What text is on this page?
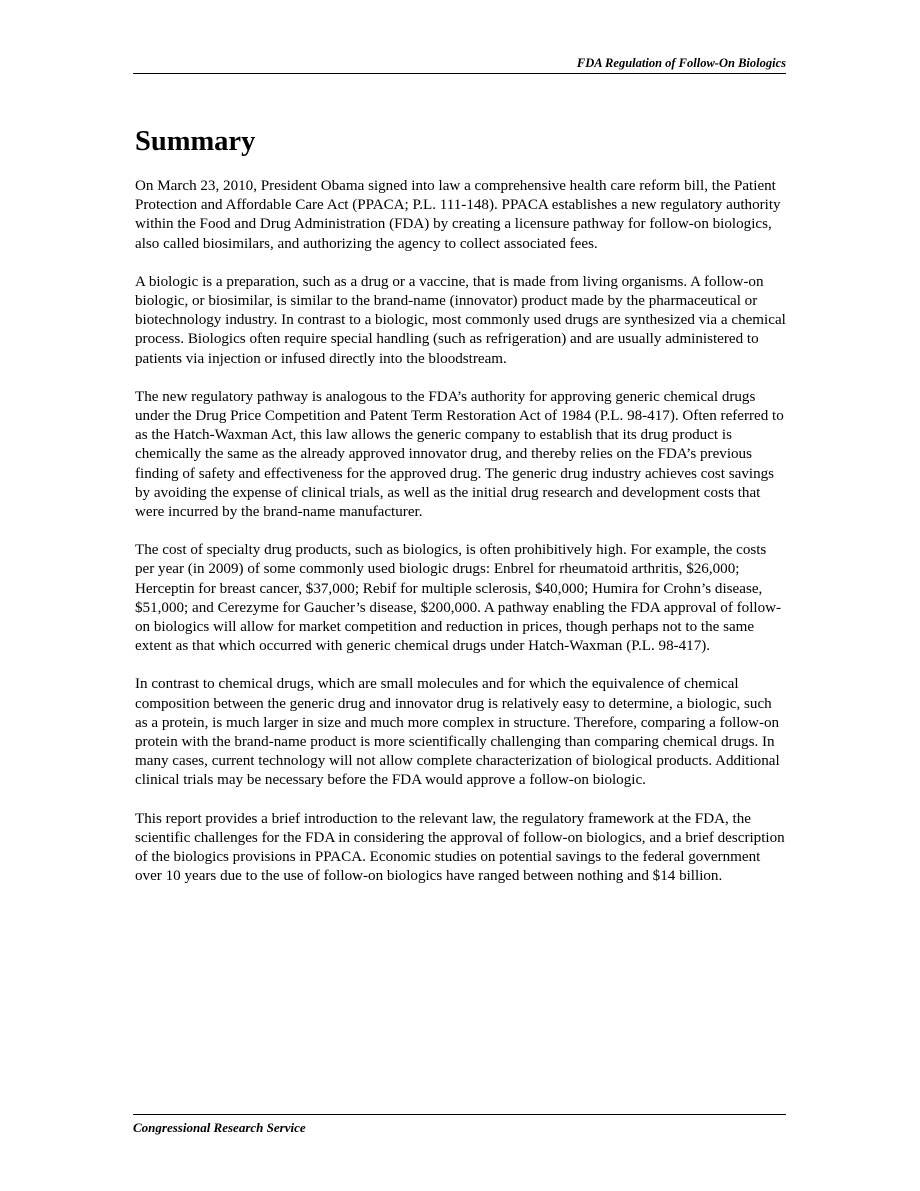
FDA Regulation of Follow-On Biologics
Summary

On March 23, 2010, President Obama signed into law a comprehensive health care reform bill, the Patient Protection and Affordable Care Act (PPACA; P.L. 111-148). PPACA establishes a new regulatory authority within the Food and Drug Administration (FDA) by creating a licensure pathway for follow-on biologics, also called biosimilars, and authorizing the agency to collect associated fees.

A biologic is a preparation, such as a drug or a vaccine, that is made from living organisms. A follow-on biologic, or biosimilar, is similar to the brand-name (innovator) product made by the pharmaceutical or biotechnology industry. In contrast to a biologic, most commonly used drugs are synthesized via a chemical process. Biologics often require special handling (such as refrigeration) and are usually administered to patients via injection or infused directly into the bloodstream.

The new regulatory pathway is analogous to the FDA’s authority for approving generic chemical drugs under the Drug Price Competition and Patent Term Restoration Act of 1984 (P.L. 98-417). Often referred to as the Hatch-Waxman Act, this law allows the generic company to establish that its drug product is chemically the same as the already approved innovator drug, and thereby relies on the FDA’s previous finding of safety and effectiveness for the approved drug. The generic drug industry achieves cost savings by avoiding the expense of clinical trials, as well as the initial drug research and development costs that were incurred by the brand-name manufacturer.

The cost of specialty drug products, such as biologics, is often prohibitively high. For example, the costs per year (in 2009) of some commonly used biologic drugs: Enbrel for rheumatoid arthritis, $26,000; Herceptin for breast cancer, $37,000; Rebif for multiple sclerosis, $40,000; Humira for Crohn’s disease, $51,000; and Cerezyme for Gaucher’s disease, $200,000. A pathway enabling the FDA approval of follow-on biologics will allow for market competition and reduction in prices, though perhaps not to the same extent as that which occurred with generic chemical drugs under Hatch-Waxman (P.L. 98-417).

In contrast to chemical drugs, which are small molecules and for which the equivalence of chemical composition between the generic drug and innovator drug is relatively easy to determine, a biologic, such as a protein, is much larger in size and much more complex in structure. Therefore, comparing a follow-on protein with the brand-name product is more scientifically challenging than comparing chemical drugs. In many cases, current technology will not allow complete characterization of biological products. Additional clinical trials may be necessary before the FDA would approve a follow-on biologic.

This report provides a brief introduction to the relevant law, the regulatory framework at the FDA, the scientific challenges for the FDA in considering the approval of follow-on biologics, and a brief description of the biologics provisions in PPACA. Economic studies on potential savings to the federal government over 10 years due to the use of follow-on biologics have ranged between nothing and $14 billion.

Congressional Research Service
